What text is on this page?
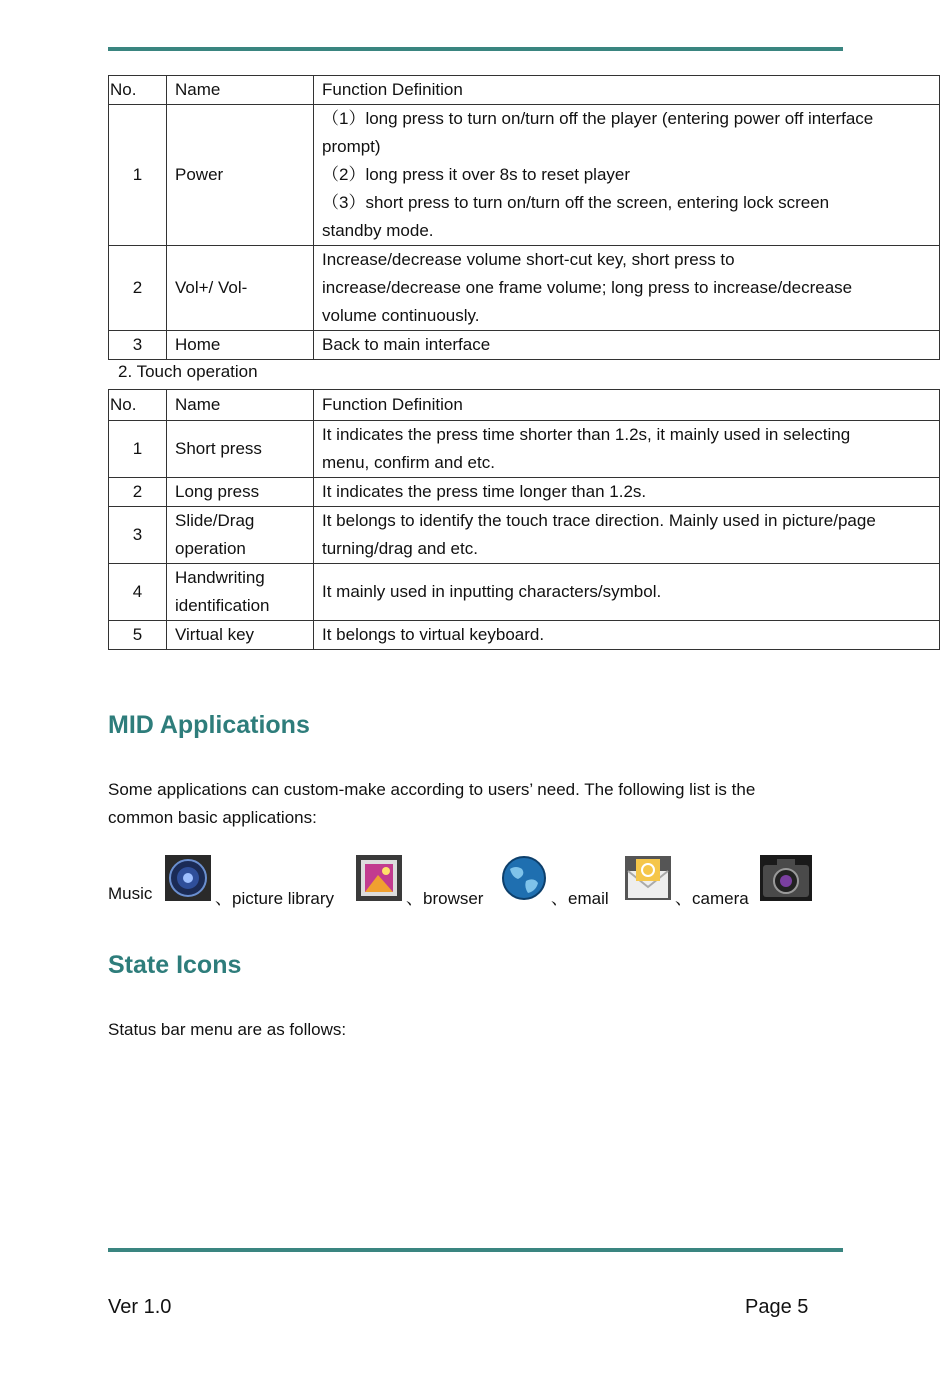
No.	Name	Function Definition
1	Power	（1）long press to turn on/turn off the player (entering power off interface
prompt)
（2）long press it over 8s to reset player
（3）short press to turn on/turn off the screen, entering lock screen
standby mode.

2	Vol+/ Vol-	Increase/decrease volume short-cut key, short press to
increase/decrease one frame volume; long press to increase/decrease
volume continuously.

3	Home	Back to main interface
2. Touch operation
No.	Name	Function Definition
1	Short press	It indicates the press time shorter than 1.2s, it mainly used in selecting
menu, confirm and etc.

2	Long press	It indicates the press time longer than 1.2s.

3	Slide/Drag
operation	It belongs to identify the touch trace direction. Mainly used in picture/page
turning/drag and etc.

4	Handwriting
identification	It mainly used in inputting characters/symbol.

5	Virtual key	It belongs to virtual keyboard.
MID Applications

Some applications can custom-make according to users’ need. The following list is the
common basic applications:

Music	、picture library	、browser	、email	、camera
State Icons

Status bar menu are as follows:

Ver 1.0	Page 5
